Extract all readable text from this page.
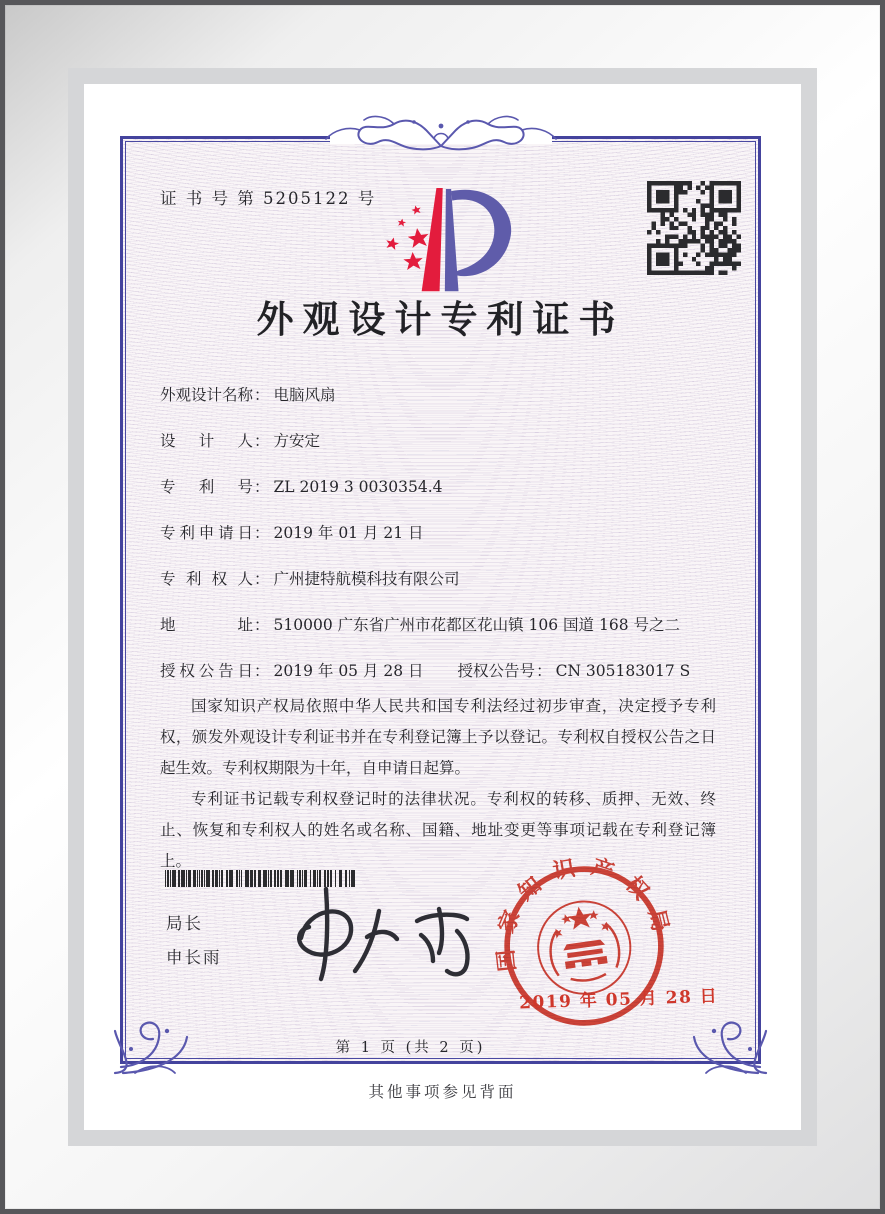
证 书 号 第 5205122 号
外观设计专利证书
外观设计名称： 电脑风扇
设计人： 方安定
专利号： ZL 2019 3 0030354.4
专利申请日： 2019 年 01 月 21 日
专利权人： 广州捷特航模科技有限公司
地址： 510000 广东省广州市花都区花山镇 106 国道 168 号之二
授权公告日： 2019 年 05 月 28 日 授权公告号： CN 305183017 S

国家知识产权局依照中华人民共和国专利法经过初步审查，决定授予专利权，颁发外观设计专利证书并在专利登记簿上予以登记。专利权自授权公告之日起生效。专利权期限为十年，自申请日起算。

专利证书记载专利权登记时的法律状况。专利权的转移、质押、无效、终止、恢复和专利权人的姓名或名称、国籍、地址变更等事项记载在专利登记簿上。

局长
申长雨	国家知识产权局
2019 年 05 月 28 日
第 1 页 (共 2 页)
其他事项参见背面
